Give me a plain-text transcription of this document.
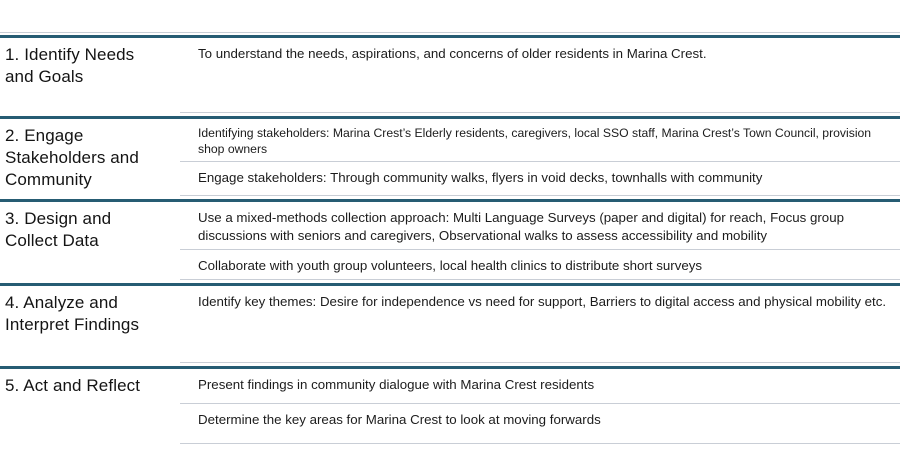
1. Identify Needs and Goals
To understand the needs, aspirations, and concerns of older residents in Marina Crest.
2. Engage Stakeholders and Community
Identifying stakeholders: Marina Crest’s Elderly residents, caregivers, local SSO staff, Marina Crest’s Town Council, provision shop owners
Engage stakeholders: Through community walks, flyers in void decks, townhalls with community
3. Design and Collect Data
Use a mixed-methods collection approach: Multi Language Surveys (paper and digital) for reach, Focus group discussions with seniors and caregivers, Observational walks to assess accessibility and mobility
Collaborate with youth group volunteers, local health clinics to distribute short surveys
4. Analyze and Interpret Findings
Identify key themes: Desire for independence vs need for support, Barriers to digital access and physical mobility etc.
5. Act and Reflect	Present findings in community dialogue with Marina Crest residents
Determine the key areas for Marina Crest to look at moving forwards
